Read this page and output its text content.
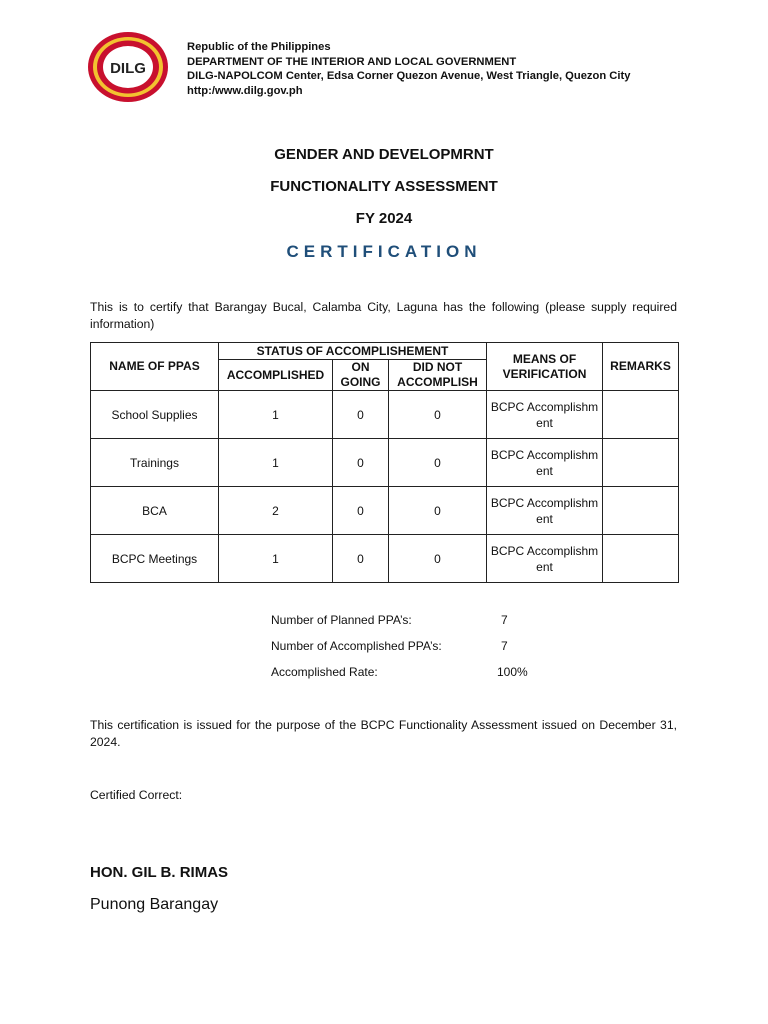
DILG
Republic of the Philippines
DEPARTMENT OF THE INTERIOR AND LOCAL GOVERNMENT
DILG-NAPOLCOM Center, Edsa Corner Quezon Avenue, West Triangle, Quezon City
http:/www.dilg.gov.ph
GENDER AND DEVELOPMRNT
FUNCTIONALITY ASSESSMENT
FY 2024
CERTIFICATION
This is to certify that Barangay Bucal, Calamba City, Laguna has the following (please supply required information)
NAME OF PPAS	STATUS OF ACCOMPLISHEMENT			MEANS OF VERIFICATION	REMARKS
	ACCOMPLISHED	ON GOING	DID NOT ACCOMPLISH		
School Supplies	1	0	0	BCPC Accomplishment	
Trainings	1	0	0	BCPC Accomplishment	
BCA	2	0	0	BCPC Accomplishment	
BCPC Meetings	1	0	0	BCPC Accomplishment	
Number of Planned PPA’s:	7
Number of Accomplished PPA’s:	7
Accomplished Rate:	100%
This certification is issued for the purpose of the BCPC Functionality Assessment issued on December 31, 2024.
Certified Correct:
HON. GIL B. RIMAS
Punong Barangay
